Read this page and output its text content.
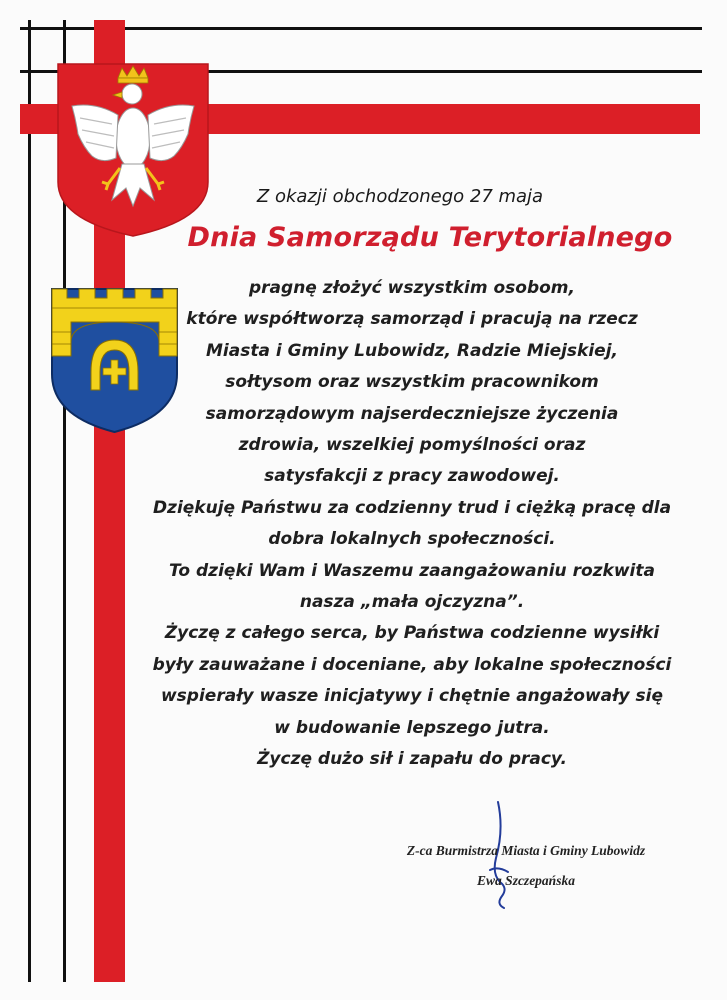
Z okazji obchodzonego 27 maja

Dnia Samorządu Terytorialnego
pragnę złożyć wszystkim osobom,
które współtworzą samorząd i pracują na rzecz
Miasta i Gminy Lubowidz, Radzie Miejskiej,
sołtysom oraz wszystkim pracownikom
samorządowym najserdeczniejsze życzenia
zdrowia, wszelkiej pomyślności oraz
satysfakcji z pracy zawodowej.
Dziękuję Państwu za codzienny trud i ciężką pracę dla
dobra lokalnych społeczności.
To dzięki Wam i Waszemu zaangażowaniu rozkwita
nasza „mała ojczyzna”.
Życzę z całego serca, by Państwa codzienne wysiłki
były zauważane i doceniane, aby lokalne społeczności
wspierały wasze inicjatywy i chętnie angażowały się
w budowanie lepszego jutra.
Życzę dużo sił i zapału do pracy.
Z-ca Burmistrza Miasta i Gminy Lubowidz
Ewa Szczepańska
